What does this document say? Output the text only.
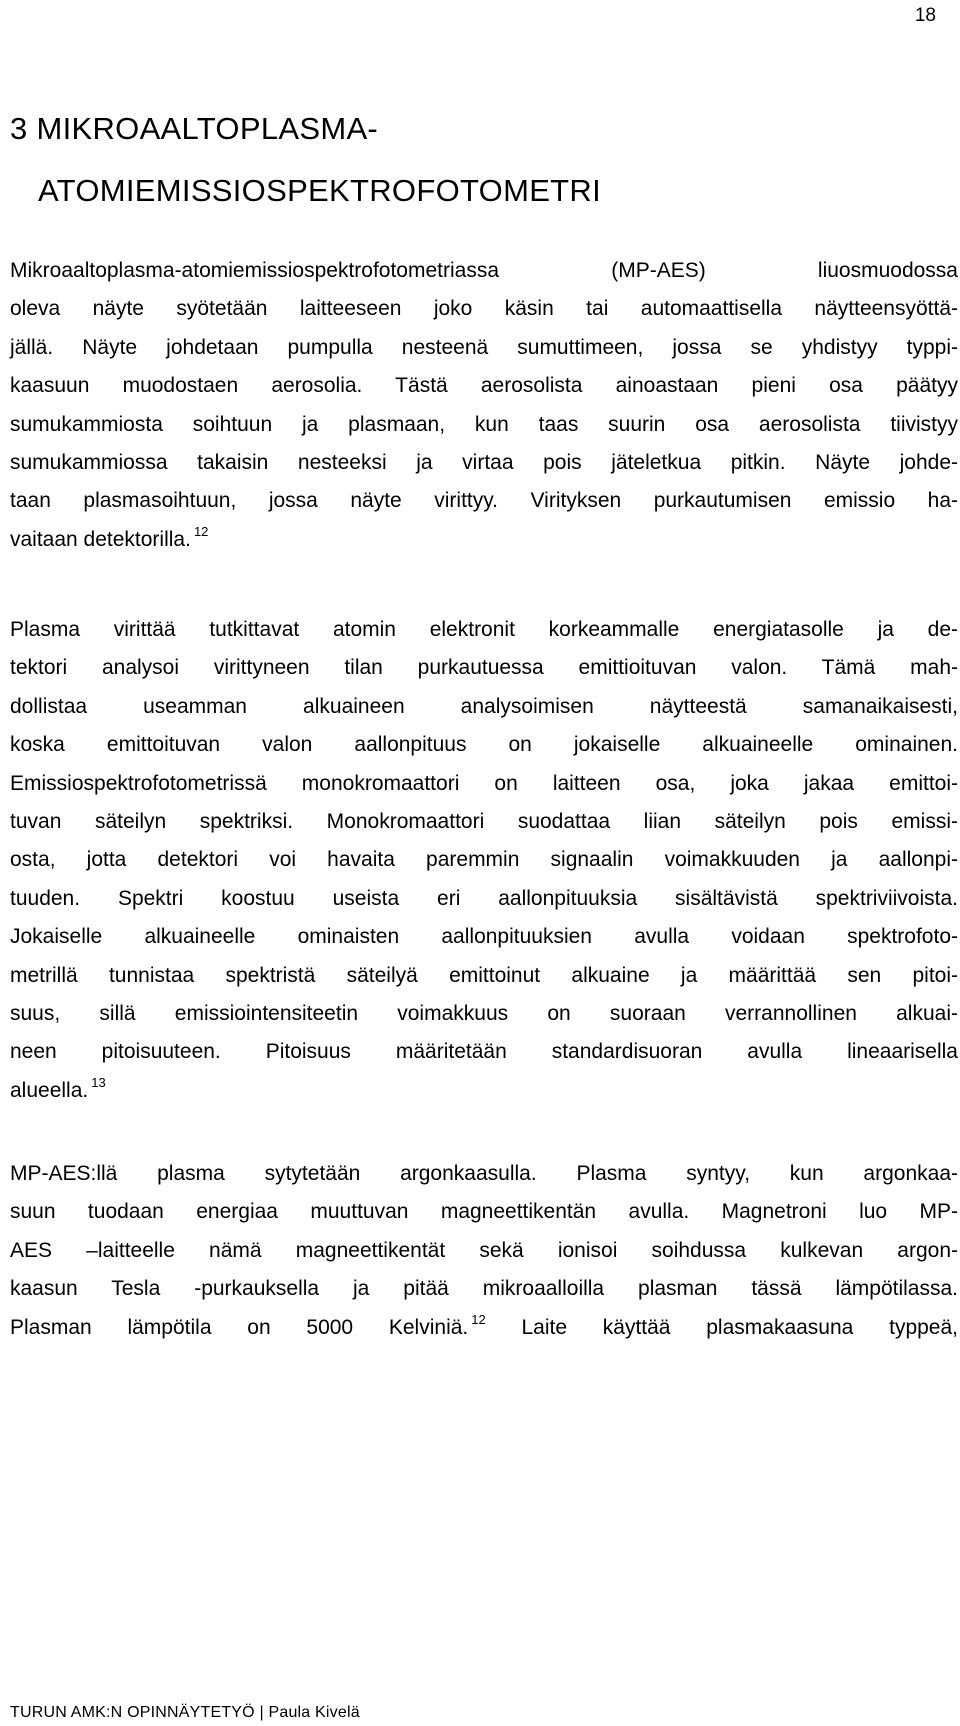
18
3 MIKROAALTOPLASMA-
ATOMIEMISSIOSPEKTROFOTOMETRI

Mikroaaltoplasma-atomiemissiospektrofotometriassa (MP-AES) liuosmuodossa
oleva näyte syötetään laitteeseen joko käsin tai automaattisella näytteensyöttä-
jällä. Näyte johdetaan pumpulla nesteenä sumuttimeen, jossa se yhdistyy typpi-
kaasuun muodostaen aerosolia. Tästä aerosolista ainoastaan pieni osa päätyy
sumukammiosta soihtuun ja plasmaan, kun taas suurin osa aerosolista tiivistyy
sumukammiossa takaisin nesteeksi ja virtaa pois jäteletkua pitkin. Näyte johde-
taan plasmasoihtuun, jossa näyte virittyy. Virityksen purkautumisen emissio ha-
vaitaan detektorilla. $^{12}$

Plasma virittää tutkittavat atomin elektronit korkeammalle energiatasolle ja de-
tektori analysoi virittyneen tilan purkautuessa emittioituvan valon. Tämä mah-
dollistaa useamman alkuaineen analysoimisen näytteestä samanaikaisesti,
koska emittoituvan valon aallonpituus on jokaiselle alkuaineelle ominainen.
Emissiospektrofotometrissä monokromaattori on laitteen osa, joka jakaa emittoi-
tuvan säteilyn spektriksi. Monokromaattori suodattaa liian säteilyn pois emissi-
osta, jotta detektori voi havaita paremmin signaalin voimakkuuden ja aallonpi-
tuuden. Spektri koostuu useista eri aallonpituuksia sisältävistä spektriviivoista.
Jokaiselle alkuaineelle ominaisten aallonpituuksien avulla voidaan spektrofoto-
metrillä tunnistaa spektristä säteilyä emittoinut alkuaine ja määrittää sen pitoi-
suus, sillä emissiointensiteetin voimakkuus on suoraan verrannollinen alkuai-
neen pitoisuuteen. Pitoisuus määritetään standardisuoran avulla lineaarisella
alueella. $^{13}$

MP-AES:llä plasma sytytetään argonkaasulla. Plasma syntyy, kun argonkaa-
suun tuodaan energiaa muuttuvan magneettikentän avulla. Magnetroni luo MP-
AES –laitteelle nämä magneettikentät sekä ionisoi soihdussa kulkevan argon-
kaasun Tesla -purkauksella ja pitää mikroaalloilla plasman tässä lämpötilassa.
Plasman lämpötila on 5000 Kelviniä. $^{12}$ Laite käyttää plasmakaasuna typpeä,

TURUN AMK:N OPINNÄYTETYÖ | Paula Kivelä
